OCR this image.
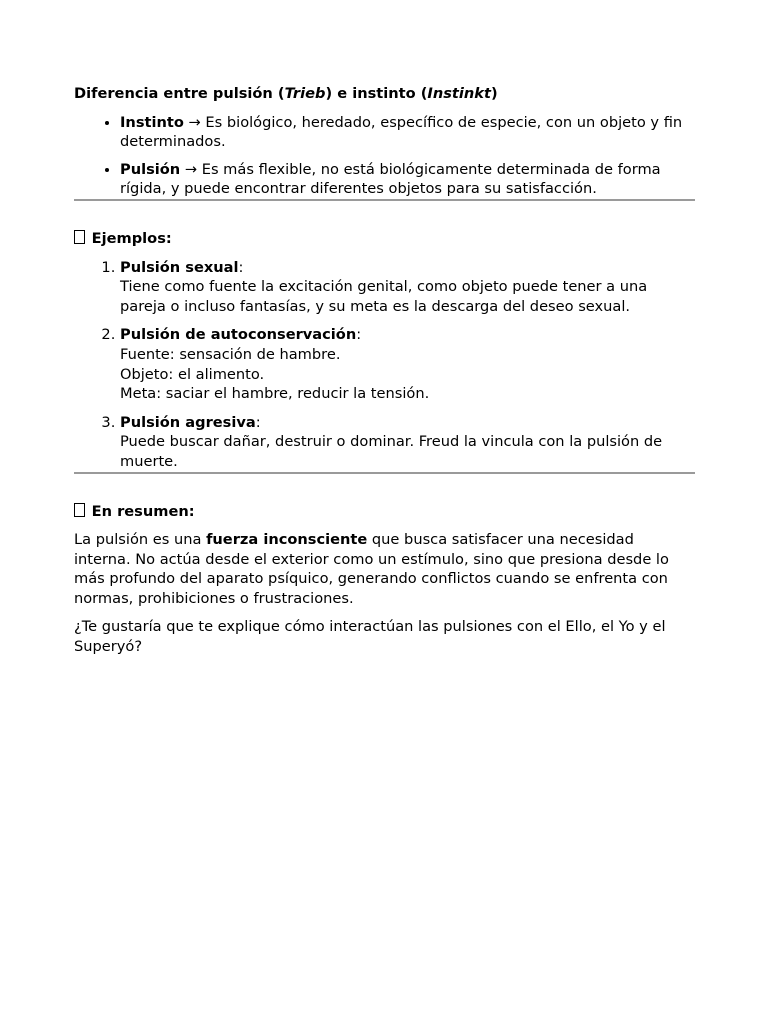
Diferencia entre pulsión (Trieb) e instinto (Instinkt)

• Instinto → Es biológico, heredado, específico de especie, con un objeto y fin determinados.
• Pulsión → Es más flexible, no está biológicamente determinada de forma rígida, y puede encontrar diferentes objetos para su satisfacción.

Ejemplos:

1. Pulsión sexual:
Tiene como fuente la excitación genital, como objeto puede tener a una pareja o incluso fantasías, y su meta es la descarga del deseo sexual.
2. Pulsión de autoconservación:
Fuente: sensación de hambre.
Objeto: el alimento.
Meta: saciar el hambre, reducir la tensión.
3. Pulsión agresiva:
Puede buscar dañar, destruir o dominar. Freud la vincula con la pulsión de muerte.

En resumen:

La pulsión es una fuerza inconsciente que busca satisfacer una necesidad interna. No actúa desde el exterior como un estímulo, sino que presiona desde lo más profundo del aparato psíquico, generando conflictos cuando se enfrenta con normas, prohibiciones o frustraciones.

¿Te gustaría que te explique cómo interactúan las pulsiones con el Ello, el Yo y el Superyó?
